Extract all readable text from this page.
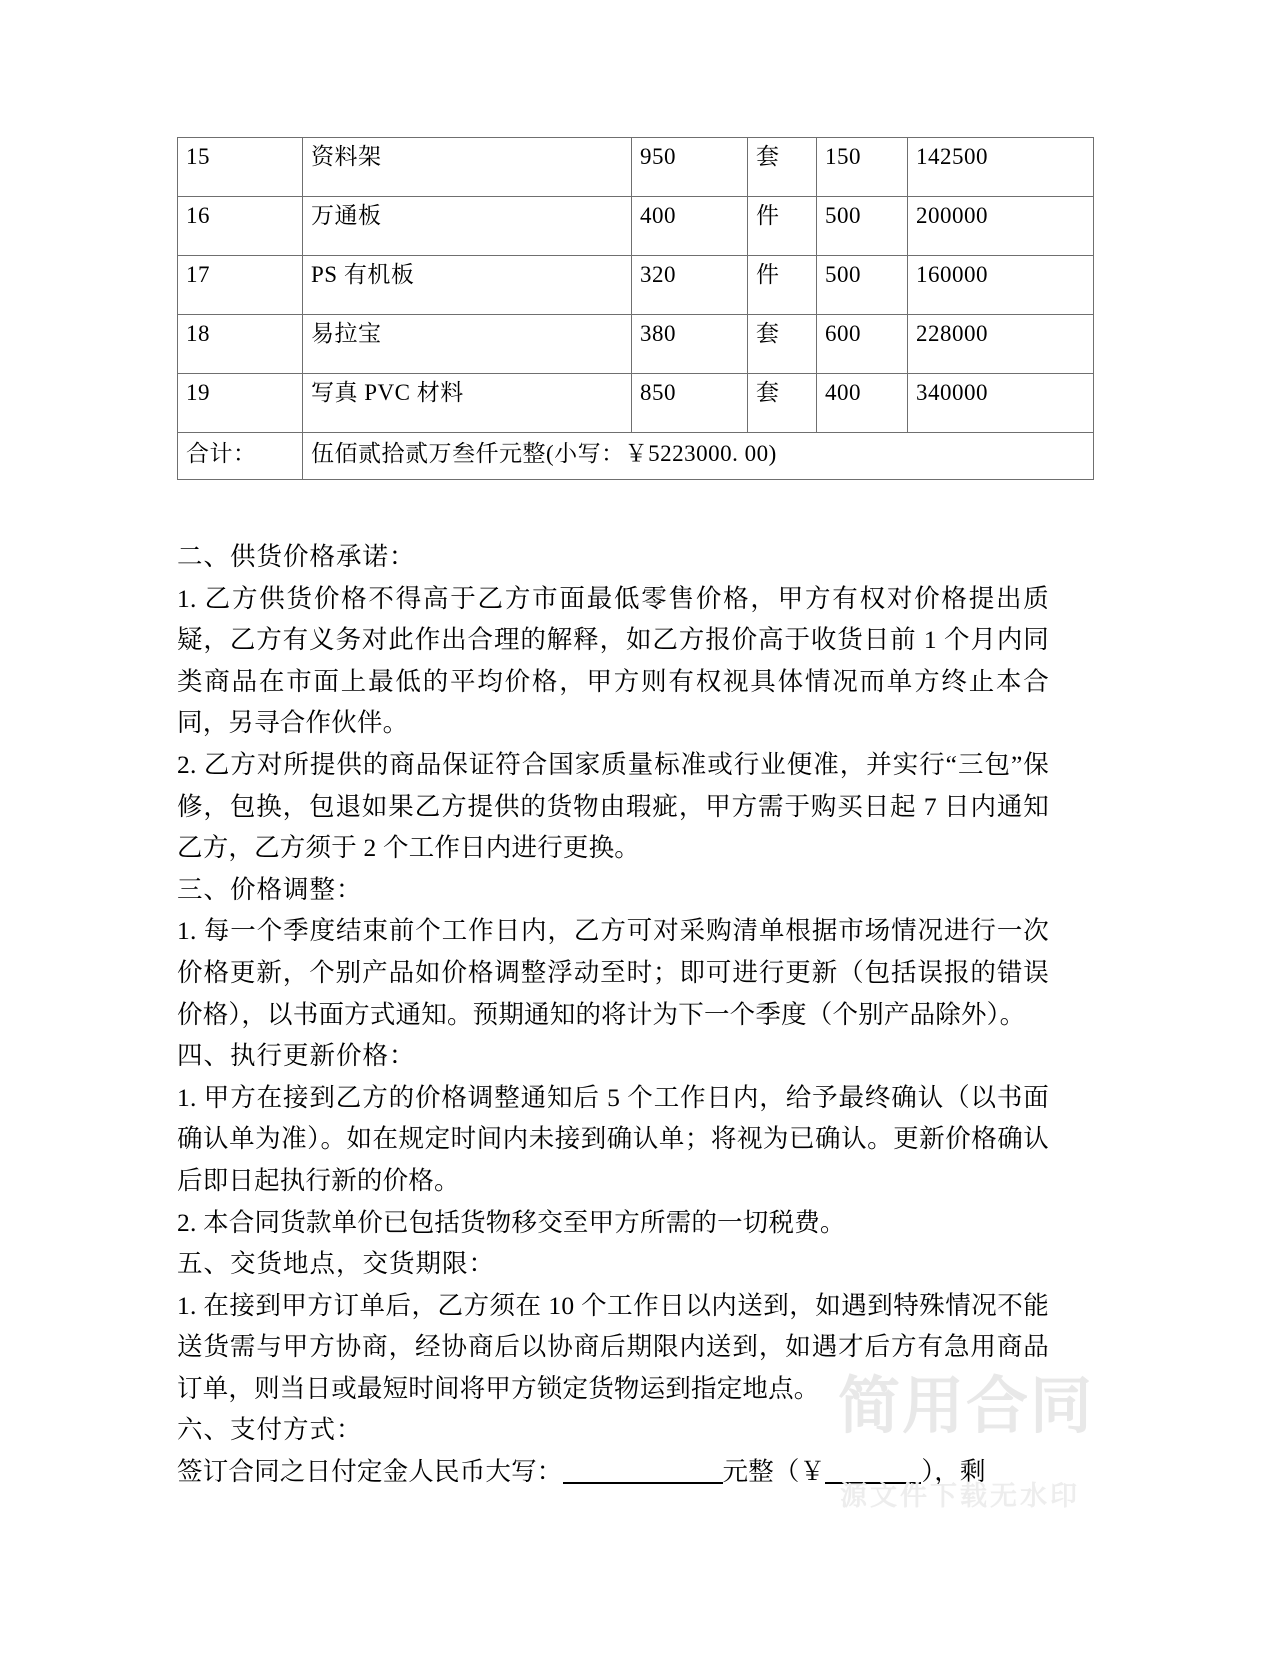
15	资料架	950	套	150	142500
16	万通板	400	件	500	200000
17	PS 有机板	320	件	500	160000
18	易拉宝	380	套	600	228000
19	写真 PVC 材料	850	套	400	340000
合计：	伍佰贰拾贰万叁仟元整(小写：￥5223000. 00)				

二、供货价格承诺：

1. 乙方供货价格不得高于乙方市面最低零售价格，甲方有权对价格提出质疑，乙方有义务对此作出合理的解释，如乙方报价高于收货日前 1 个月内同类商品在市面上最低的平均价格，甲方则有权视具体情况而单方终止本合同，另寻合作伙伴。

2. 乙方对所提供的商品保证符合国家质量标准或行业便准，并实行“三包”保修，包换，包退如果乙方提供的货物由瑕疵，甲方需于购买日起 7 日内通知乙方，乙方须于 2 个工作日内进行更换。

三、价格调整：

1. 每一个季度结束前个工作日内，乙方可对采购清单根据市场情况进行一次价格更新，个别产品如价格调整浮动至时；即可进行更新（包括误报的错误价格），以书面方式通知。预期通知的将计为下一个季度（个别产品除外）。

四、执行更新价格：

1. 甲方在接到乙方的价格调整通知后 5 个工作日内，给予最终确认（以书面确认单为准）。如在规定时间内未接到确认单；将视为已确认。更新价格确认后即日起执行新的价格。

2. 本合同货款单价已包括货物移交至甲方所需的一切税费。

五、交货地点，交货期限：

1. 在接到甲方订单后，乙方须在 10 个工作日以内送到，如遇到特殊情况不能送货需与甲方协商，经协商后以协商后期限内送到，如遇才后方有急用商品订单，则当日或最短时间将甲方锁定货物运到指定地点。

六、支付方式：

签订合同之日付定金人民币大写：	元整（￥	），剩

简用合同
源文件下载无水印
